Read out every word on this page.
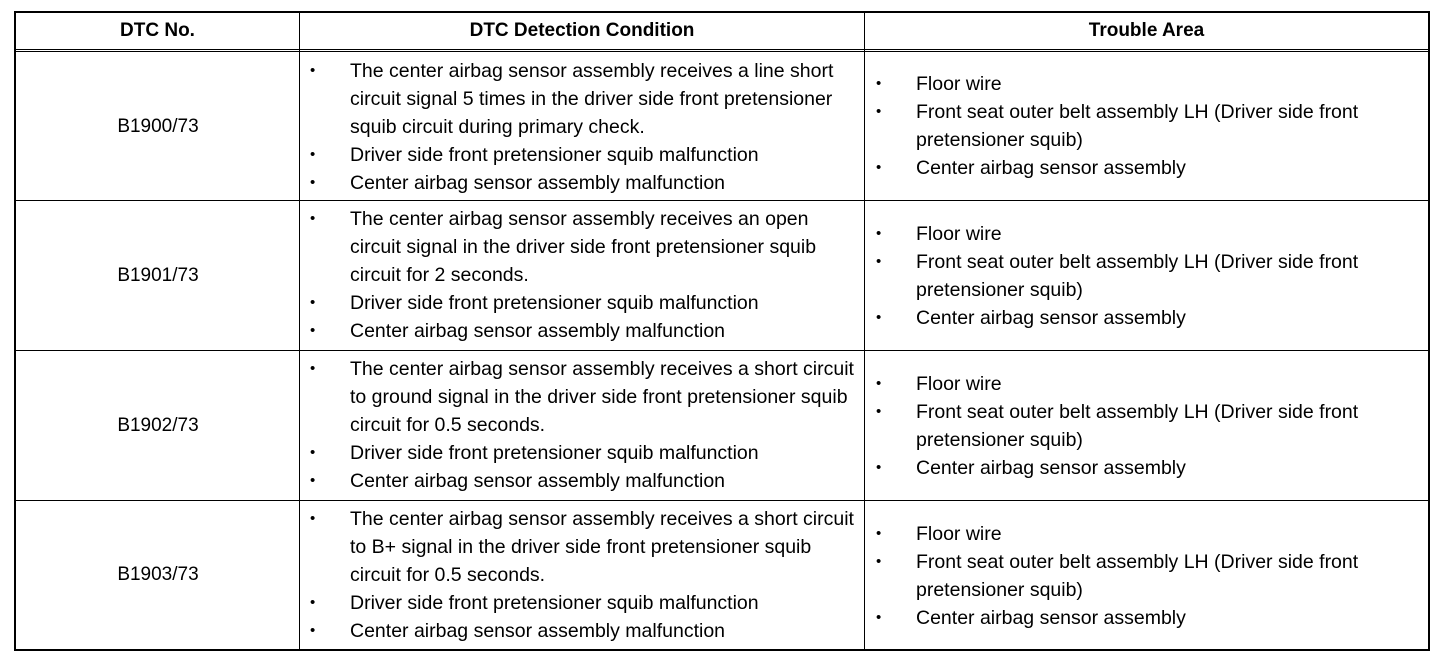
DTC No.	DTC Detection Condition	Trouble Area
B1900/73
• The center airbag sensor assembly receives a line short circuit signal 5 times in the driver side front pretensioner squib circuit during primary check.
• Driver side front pretensioner squib malfunction
• Center airbag sensor assembly malfunction
• Floor wire
• Front seat outer belt assembly LH (Driver side front pretensioner squib)
• Center airbag sensor assembly
B1901/73
• The center airbag sensor assembly receives an open circuit signal in the driver side front pretensioner squib circuit for 2 seconds.
• Driver side front pretensioner squib malfunction
• Center airbag sensor assembly malfunction
• Floor wire
• Front seat outer belt assembly LH (Driver side front pretensioner squib)
• Center airbag sensor assembly
B1902/73
• The center airbag sensor assembly receives a short circuit to ground signal in the driver side front pretensioner squib circuit for 0.5 seconds.
• Driver side front pretensioner squib malfunction
• Center airbag sensor assembly malfunction
• Floor wire
• Front seat outer belt assembly LH (Driver side front pretensioner squib)
• Center airbag sensor assembly
B1903/73
• The center airbag sensor assembly receives a short circuit to B+ signal in the driver side front pretensioner squib circuit for 0.5 seconds.
• Driver side front pretensioner squib malfunction
• Center airbag sensor assembly malfunction
• Floor wire
• Front seat outer belt assembly LH (Driver side front pretensioner squib)
• Center airbag sensor assembly
